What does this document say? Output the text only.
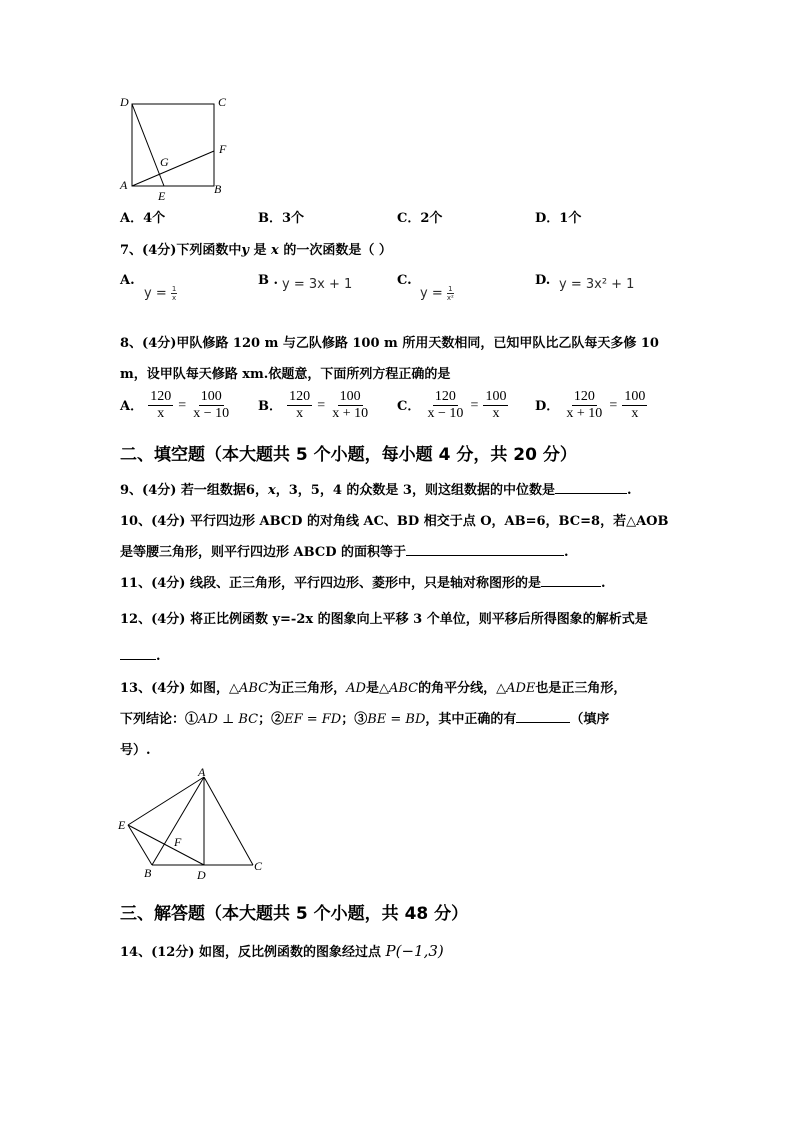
D	C
G
F
A
E	B
A．4个	B．3个	C．2个	D．1个
7、(4分)下列函数中y 是 x 的一次函数是（ ）
A.
$y = \frac{1}{x}$
B . y = 3x + 1	C.
$y = \frac{1}{\text{x²}}$
D. y = 3x² + 1
8、(4分)甲队修路 120 m 与乙队修路 100 m 所用天数相同，已知甲队比乙队每天多修 10
m，设甲队每天修路 xm.依题意，下面所列方程正确的是
A． $\frac{120}{x} = \frac{100}{x - 10}$ B． $\frac{120}{x} = \frac{100}{x + 10}$ C． $\frac{120}{x - 10} = \frac{100}{x}$ D． $\frac{120}{x + 10} = \frac{100}{x}$
二、填空题（本大题共 5 个小题，每小题 4 分，共 20 分）
9、(4分) 若一组数据6，x，3，5，4 的众数是 3，则这组数据的中位数是	.
10、(4分) 平行四边形 ABCD 的对角线 AC、BD 相交于点 O，AB=6，BC=8，若△AOB
是等腰三角形，则平行四边形 ABCD 的面积等于	.
11、(4分) 线段、正三角形，平行四边形、菱形中，只是轴对称图形的是	.
12、(4分) 将正比例函数 y=-2x 的图象向上平移 3 个单位，则平移后所得图象的解析式是
.
13、(4分) 如图，△ABC为正三角形，AD是△ABC的角平分线，△ADE也是正三角形，
下列结论：①AD ⊥ BC；②EF = FD；③BE = BD，其中正确的有	（填序
号）.
A
E
F
B	D
C
三、解答题（本大题共 5 个小题，共 48 分）
14、(12分) 如图，反比例函数的图象经过点 P(−1,3)
